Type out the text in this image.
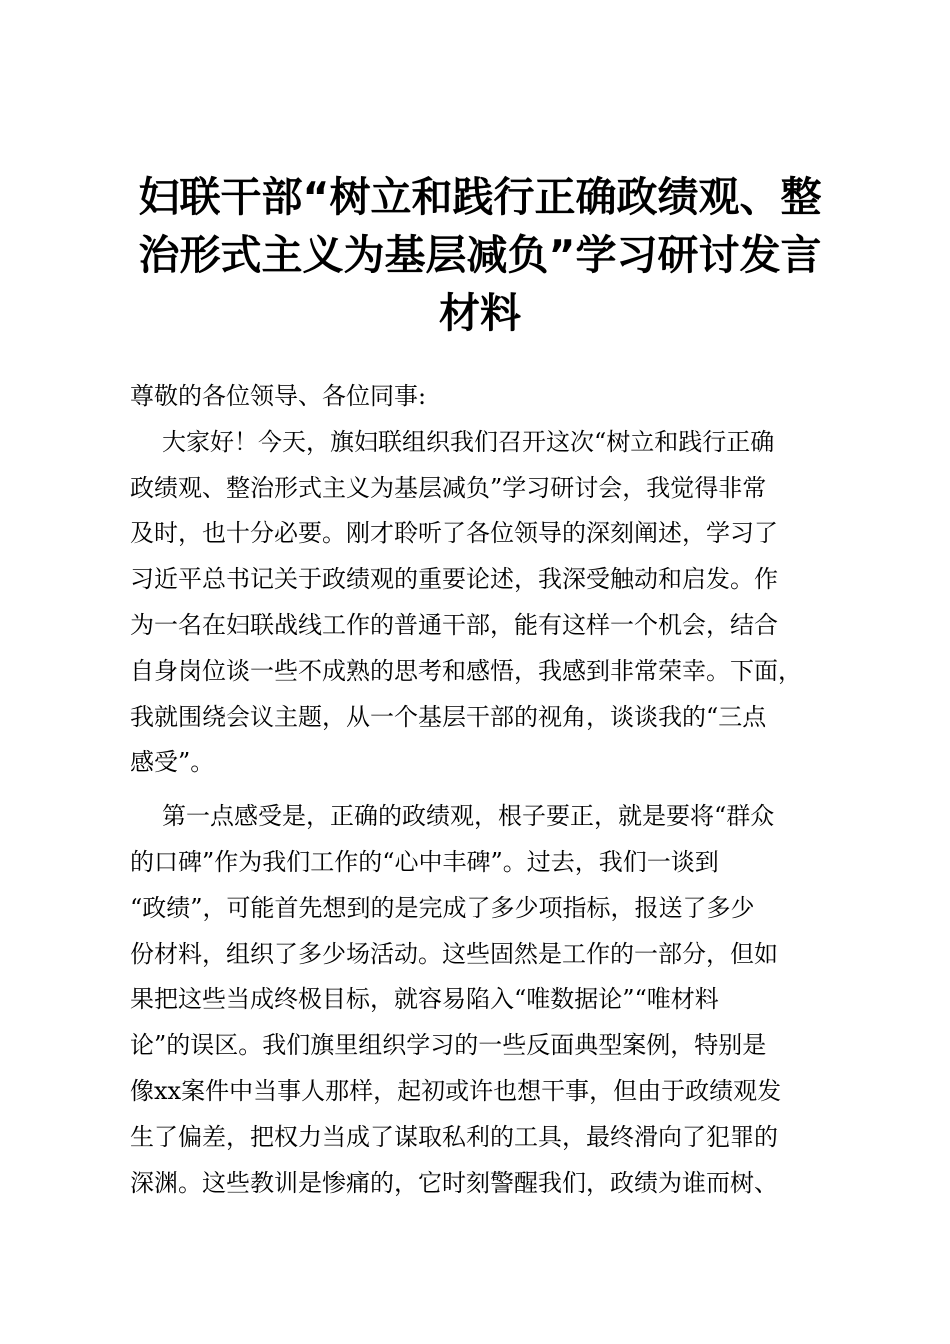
妇联干部“树立和践行正确政绩观、整
治形式主义为基层减负”学习研讨发言
材料
尊敬的各位领导、各位同事:
大家好！今天，旗妇联组织我们召开这次“树立和践行正确
政绩观、整治形式主义为基层减负”学习研讨会，我觉得非常
及时，也十分必要。刚才聆听了各位领导的深刻阐述，学习了
习近平总书记关于政绩观的重要论述，我深受触动和启发。作
为一名在妇联战线工作的普通干部，能有这样一个机会，结合
自身岗位谈一些不成熟的思考和感悟，我感到非常荣幸。下面，
我就围绕会议主题，从一个基层干部的视角，谈谈我的“三点
感受”。
第一点感受是，正确的政绩观，根子要正，就是要将“群众
的口碑”作为我们工作的“心中丰碑”。过去，我们一谈到
“政绩”，可能首先想到的是完成了多少项指标，报送了多少
份材料，组织了多少场活动。这些固然是工作的一部分，但如
果把这些当成终极目标，就容易陷入“唯数据论”“唯材料
论”的误区。我们旗里组织学习的一些反面典型案例，特别是
像xx案件中当事人那样，起初或许也想干事，但由于政绩观发
生了偏差，把权力当成了谋取私利的工具，最终滑向了犯罪的
深渊。这些教训是惨痛的，它时刻警醒我们，政绩为谁而树、
